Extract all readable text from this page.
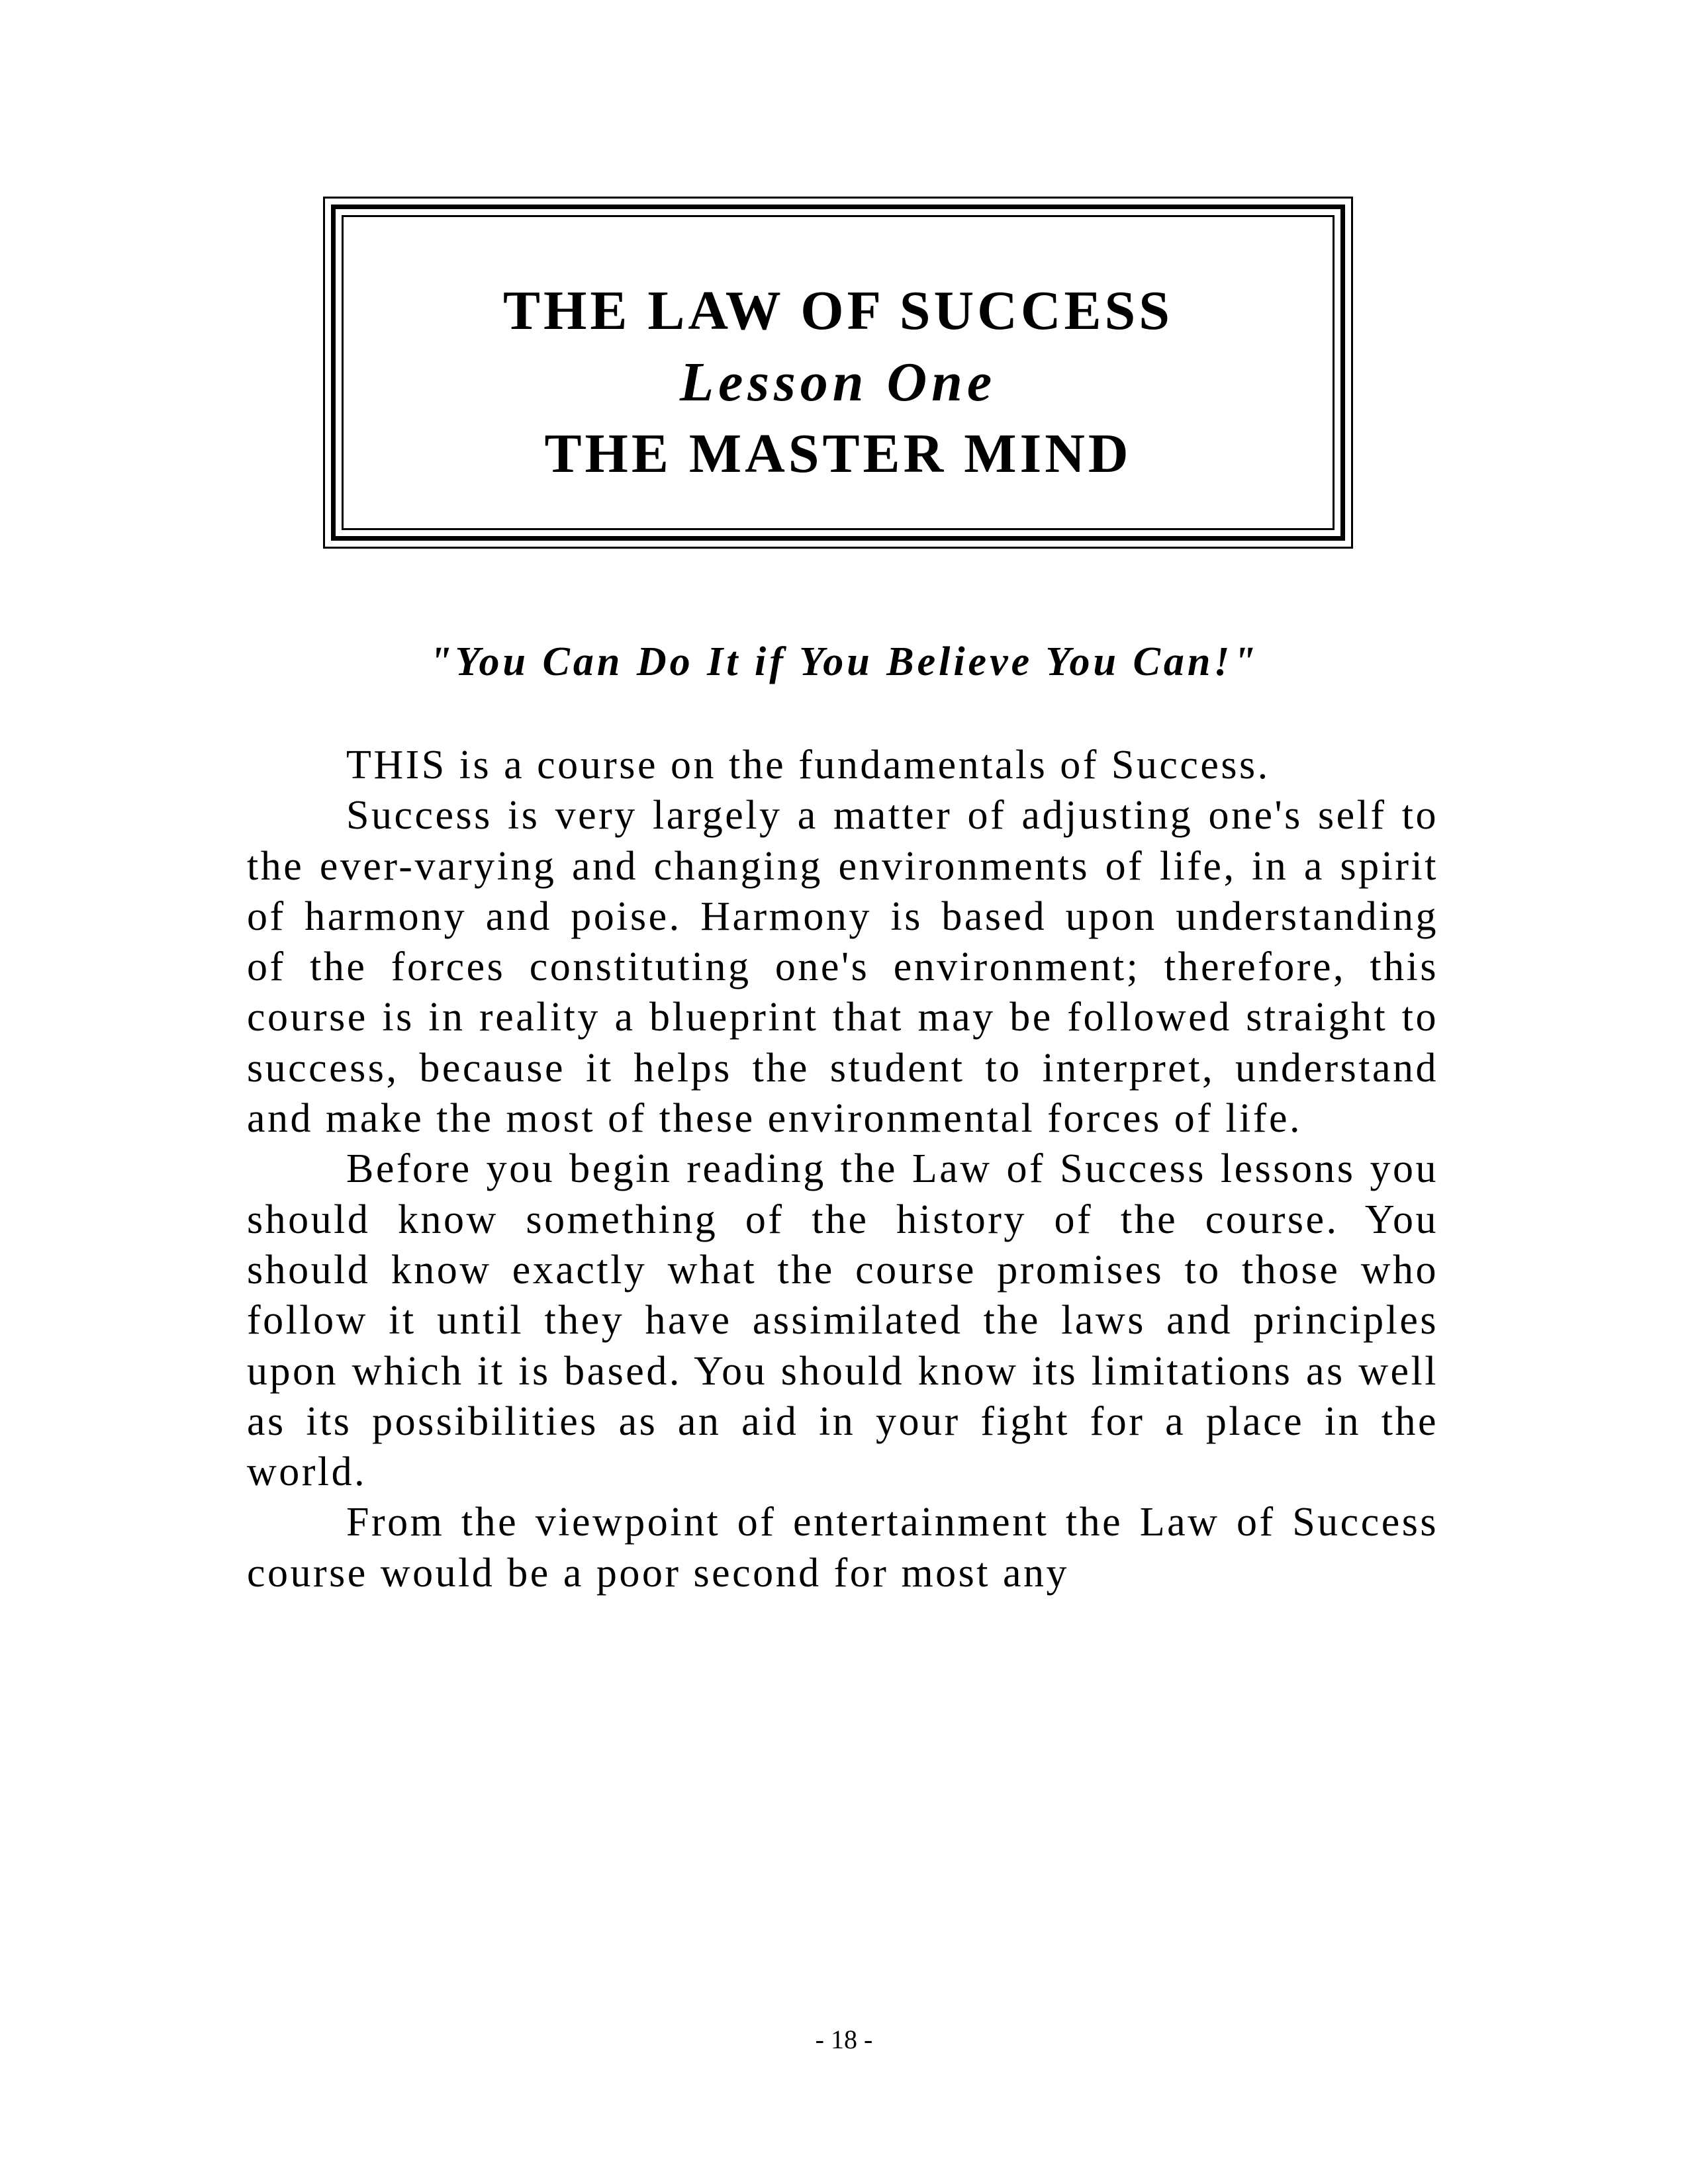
THE LAW OF SUCCESS
Lesson One
THE MASTER MIND
"You Can Do It if You Believe You Can!"

THIS is a course on the fundamentals of Success.

Success is very largely a matter of adjusting one's self to the ever-varying and changing environments of life, in a spirit of harmony and poise. Harmony is based upon understanding of the forces constituting one's environment; therefore, this course is in reality a blueprint that may be followed straight to success, because it helps the student to interpret, understand and make the most of these environmental forces of life.

Before you begin reading the Law of Success lessons you should know something of the history of the course. You should know exactly what the course promises to those who follow it until they have assimilated the laws and principles upon which it is based. You should know its limitations as well as its possibilities as an aid in your fight for a place in the world.

From the viewpoint of entertainment the Law of Success course would be a poor second for most any

- 18 -
